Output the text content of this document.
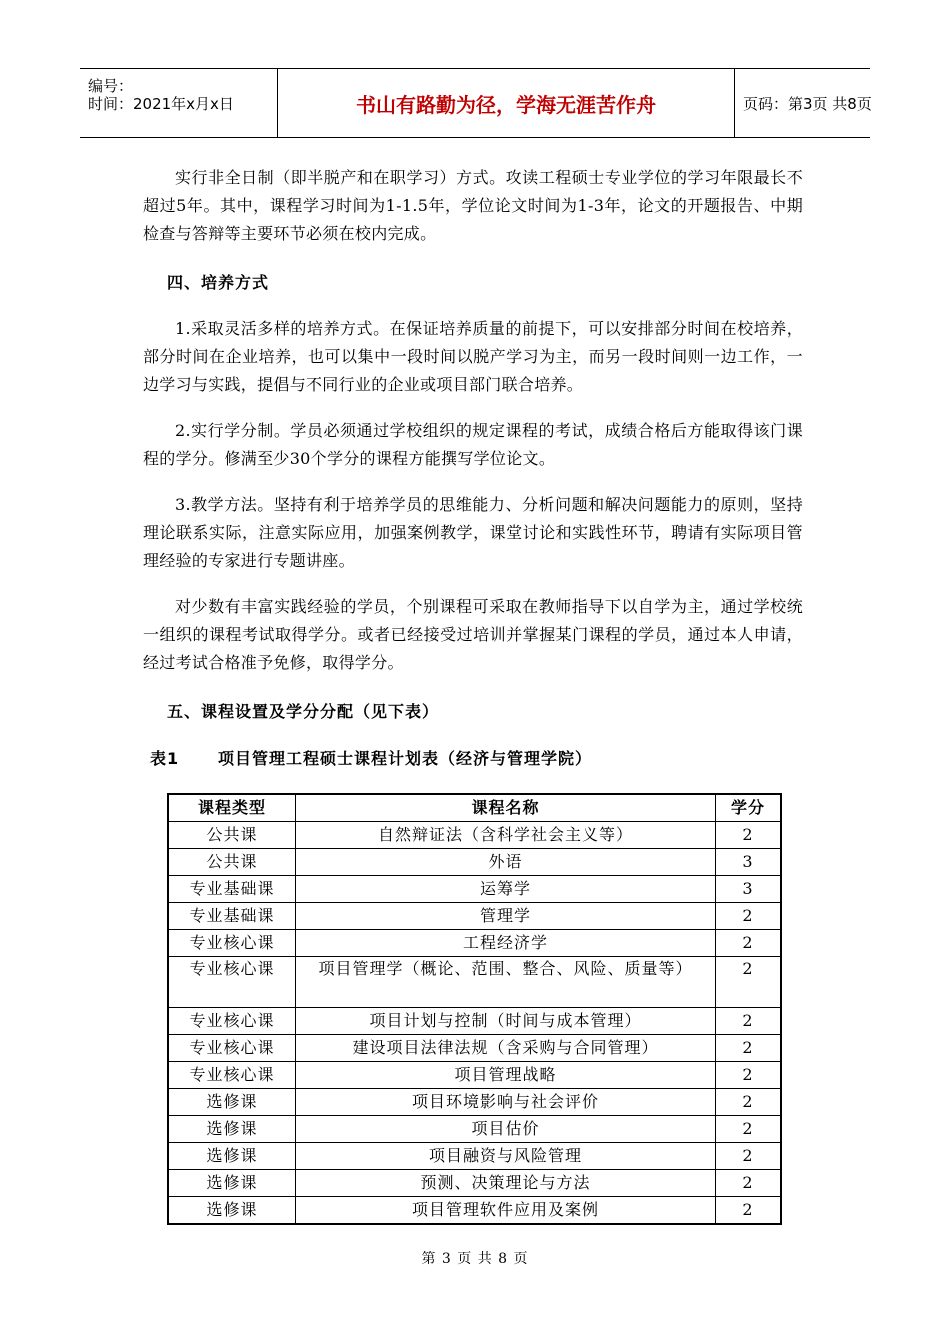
编号：
时间：2021年x月x日	书山有路勤为径，学海无涯苦作舟	页码：第3页 共8页

实行非全日制（即半脱产和在职学习）方式。攻读工程硕士专业学位的学习年限最长不超过5年。其中，课程学习时间为1-1.5年，学位论文时间为1-3年，论文的开题报告、中期检查与答辩等主要环节必须在校内完成。

四、培养方式

1.采取灵活多样的培养方式。在保证培养质量的前提下，可以安排部分时间在校培养，部分时间在企业培养，也可以集中一段时间以脱产学习为主，而另一段时间则一边工作，一边学习与实践，提倡与不同行业的企业或项目部门联合培养。

2.实行学分制。学员必须通过学校组织的规定课程的考试，成绩合格后方能取得该门课程的学分。修满至少30个学分的课程方能撰写学位论文。

3.教学方法。坚持有利于培养学员的思维能力、分析问题和解决问题能力的原则，坚持理论联系实际，注意实际应用，加强案例教学，课堂讨论和实践性环节，聘请有实际项目管理经验的专家进行专题讲座。

对少数有丰富实践经验的学员，个别课程可采取在教师指导下以自学为主，通过学校统一组织的课程考试取得学分。或者已经接受过培训并掌握某门课程的学员，通过本人申请，经过考试合格准予免修，取得学分。

五、课程设置及学分分配（见下表）

表1 项目管理工程硕士课程计划表（经济与管理学院）
课程类型	课程名称	学分
公共课	自然辩证法（含科学社会主义等）	2
公共课	外语	3
专业基础课	运筹学	3
专业基础课	管理学	2
专业核心课	工程经济学	2
专业核心课	项目管理学（概论、范围、整合、风险、质量等）	2
专业核心课	项目计划与控制（时间与成本管理）	2
专业核心课	建设项目法律法规（含采购与合同管理）	2
专业核心课	项目管理战略	2
选修课	项目环境影响与社会评价	2
选修课	项目估价	2
选修课	项目融资与风险管理	2
选修课	预测、决策理论与方法	2
选修课	项目管理软件应用及案例	2
第 3 页 共 8 页
